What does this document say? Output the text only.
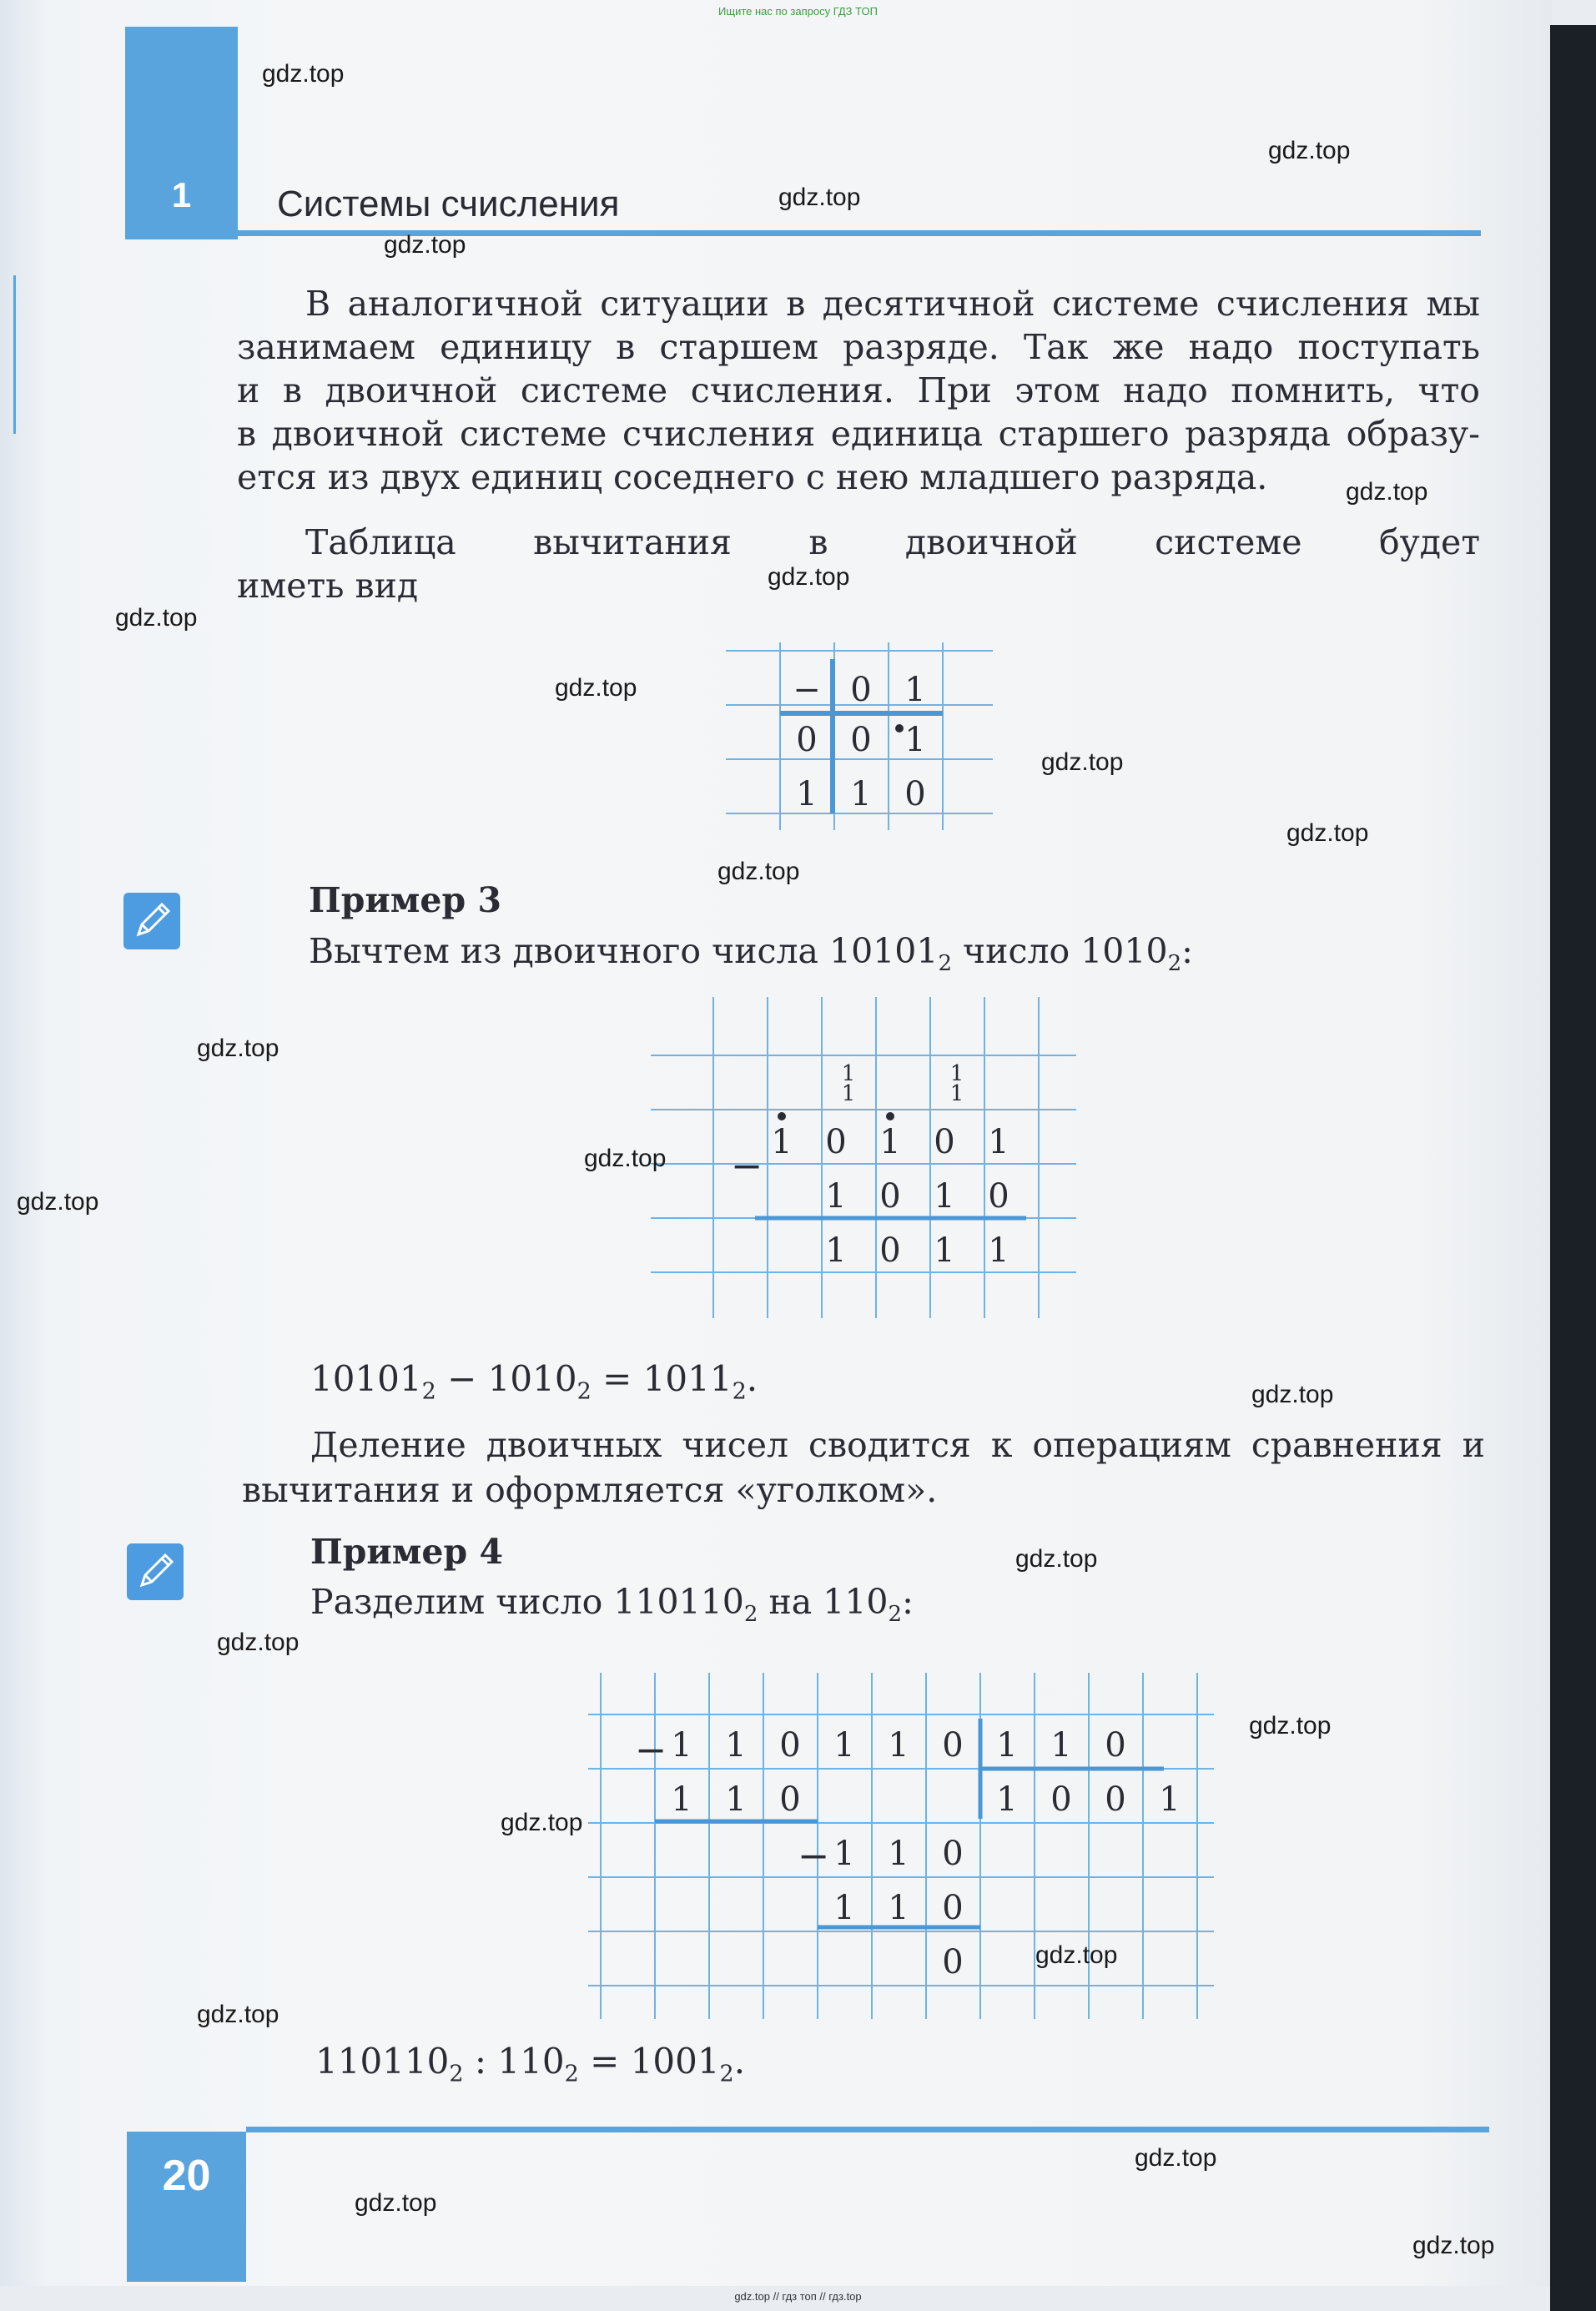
Ищите нас по запросу ГДЗ ТОП
1	Системы счисления
В аналогичной ситуации в десятичной системе счисления мы
занимаем единицу в старшем разряде. Так же надо поступать
и в двоичной системе счисления. При этом надо помнить, что
в двоичной системе счисления единица старшего разряда образу-
ется из двух единиц соседнего с нею младшего разряда.
Таблица вычитания в двоичной системе будет
иметь вид
− 0 1
0 0 1
1 1 0
Пример 3
Вычтем из двоичного числа $10101_2$ число $1010_2$:
1
1
1
1
−
1 0 1 0 1
1 0 1 0
1 0 1 1
$10101_2 - 1010_2 = 1011_2$.
Деление двоичных чисел сводится к операциям сравнения и
вычитания и оформляется «уголком».
Пример 4
Разделим число $110110_2$ на $110_2$:
− 1 1 0 1 1 0 1 1 0
1 1 0	1 0 0 1
− 1 1 0
1 1 0
0
$110110_2$ : $110_2 = 1001_2$.
20
gdz.top
gdz.top
gdz.top
gdz.top
gdz.top
gdz.top
gdz.top
gdz.top
gdz.top
gdz.top
gdz.top
gdz.top
gdz.top
gdz.top
gdz.top
gdz.top
gdz.top
gdz.top
gdz.top
gdz.top
gdz.top
gdz.top
gdz.top
gdz.top
gdz.top // гдз топ // гдз.top
